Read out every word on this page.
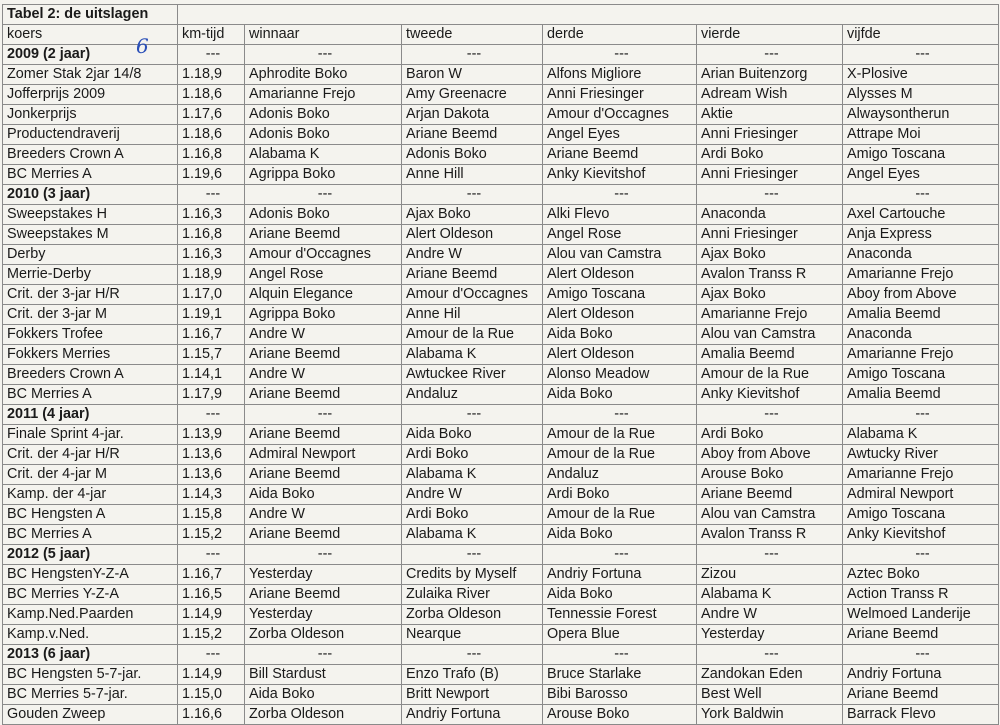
Tabel 2: de uitslagen						
koers	km-tijd	winnaar	tweede	derde	vierde	vijfde
2009 (2 jaar)	---	---	---	---	---	---
Zomer Stak 2jar 14/8	1.18,9	Aphrodite Boko	Baron W	Alfons Migliore	Arian Buitenzorg	X-Plosive
Jofferprijs 2009	1.18,6	Amarianne Frejo	Amy Greenacre	Anni Friesinger	Adream Wish	Alysses M
Jonkerprijs	1.17,6	Adonis Boko	Arjan Dakota	Amour d'Occagnes	Aktie	Alwaysontherun
Productendraverij	1.18,6	Adonis Boko	Ariane Beemd	Angel Eyes	Anni Friesinger	Attrape Moi
Breeders Crown A	1.16,8	Alabama K	Adonis Boko	Ariane Beemd	Ardi Boko	Amigo Toscana
BC Merries A	1.19,6	Agrippa Boko	Anne Hill	Anky Kievitshof	Anni Friesinger	Angel Eyes
2010 (3 jaar)	---	---	---	---	---	---
Sweepstakes H	1.16,3	Adonis Boko	Ajax Boko	Alki Flevo	Anaconda	Axel Cartouche
Sweepstakes M	1.16,8	Ariane Beemd	Alert Oldeson	Angel Rose	Anni Friesinger	Anja Express
Derby	1.16,3	Amour d'Occagnes	Andre W	Alou van Camstra	Ajax Boko	Anaconda
Merrie-Derby	1.18,9	Angel Rose	Ariane Beemd	Alert Oldeson	Avalon Transs R	Amarianne Frejo
Crit. der 3-jar H/R	1.17,0	Alquin Elegance	Amour d'Occagnes	Amigo Toscana	Ajax Boko	Aboy from Above
Crit. der 3-jar M	1.19,1	Agrippa Boko	Anne Hil	Alert Oldeson	Amarianne Frejo	Amalia Beemd
Fokkers Trofee	1.16,7	Andre W	Amour de la Rue	Aida Boko	Alou van Camstra	Anaconda
Fokkers Merries	1.15,7	Ariane Beemd	Alabama K	Alert Oldeson	Amalia Beemd	Amarianne Frejo
Breeders Crown A	1.14,1	Andre W	Awtuckee River	Alonso Meadow	Amour de la Rue	Amigo Toscana
BC Merries A	1.17,9	Ariane Beemd	Andaluz	Aida Boko	Anky Kievitshof	Amalia Beemd
2011 (4 jaar)	---	---	---	---	---	---
Finale Sprint 4-jar.	1.13,9	Ariane Beemd	Aida Boko	Amour de la Rue	Ardi Boko	Alabama K
Crit. der 4-jar H/R	1.13,6	Admiral Newport	Ardi Boko	Amour de la Rue	Aboy from Above	Awtucky River
Crit. der 4-jar M	1.13,6	Ariane Beemd	Alabama K	Andaluz	Arouse Boko	Amarianne Frejo
Kamp. der 4-jar	1.14,3	Aida Boko	Andre W	Ardi Boko	Ariane Beemd	Admiral Newport
BC Hengsten A	1.15,8	Andre W	Ardi Boko	Amour de la Rue	Alou van Camstra	Amigo Toscana
BC Merries A	1.15,2	Ariane Beemd	Alabama K	Aida Boko	Avalon Transs R	Anky Kievitshof
2012 (5 jaar)	---	---	---	---	---	---
BC HengstenY-Z-A	1.16,7	Yesterday	Credits by Myself	Andriy Fortuna	Zizou	Aztec Boko
BC Merries Y-Z-A	1.16,5	Ariane Beemd	Zulaika River	Aida Boko	Alabama K	Action Transs R
Kamp.Ned.Paarden	1.14,9	Yesterday	Zorba Oldeson	Tennessie Forest	Andre W	Welmoed Landerije
Kamp.v.Ned.	1.15,2	Zorba Oldeson	Nearque	Opera Blue	Yesterday	Ariane Beemd
2013 (6 jaar)	---	---	---	---	---	---
BC Hengsten 5-7-jar.	1.14,9	Bill Stardust	Enzo Trafo (B)	Bruce Starlake	Zandokan Eden	Andriy Fortuna
BC Merries 5-7-jar.	1.15,0	Aida Boko	Britt Newport	Bibi Barosso	Best Well	Ariane Beemd
Gouden Zweep	1.16,6	Zorba Oldeson	Andriy Fortuna	Arouse Boko	York Baldwin	Barrack Flevo
6
